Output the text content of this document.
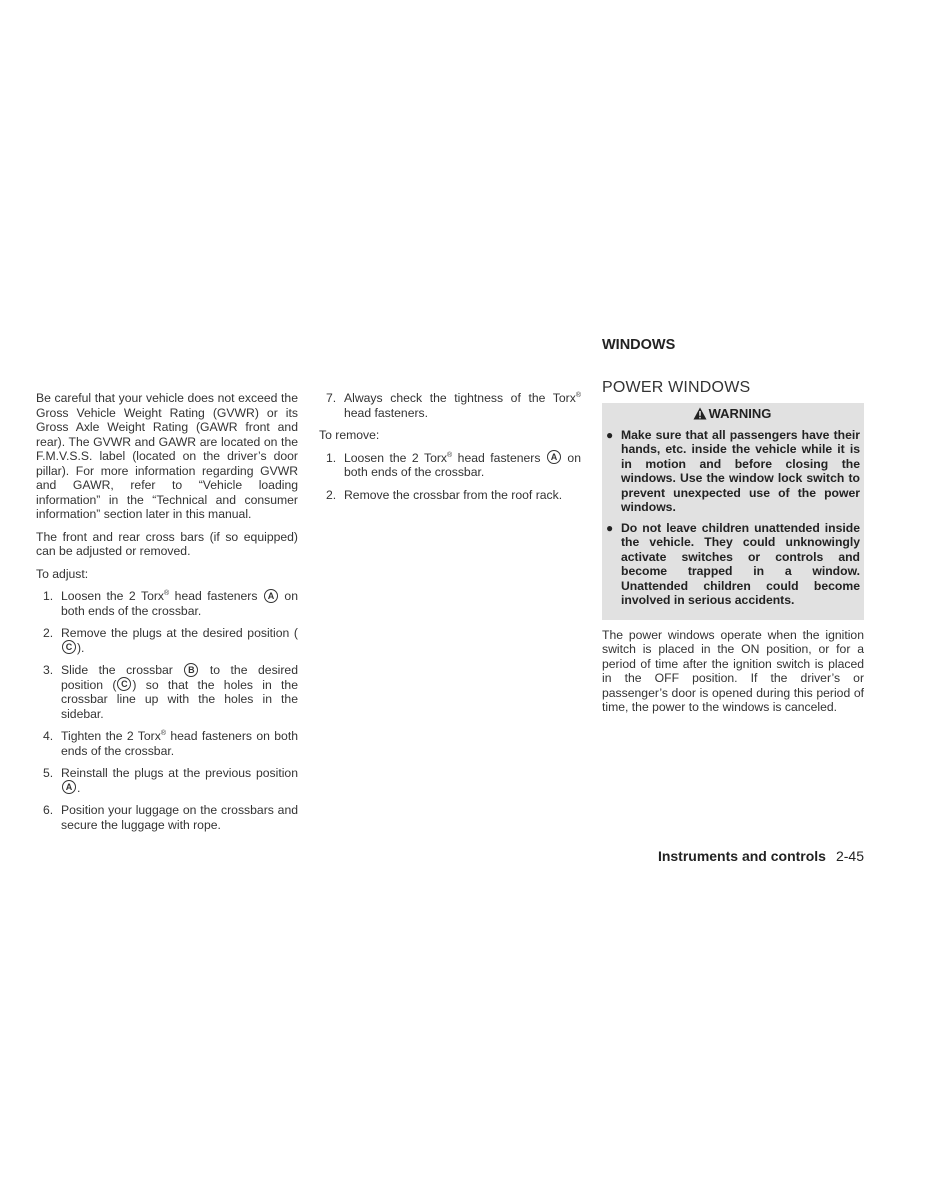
Be careful that your vehicle does not exceed the Gross Vehicle Weight Rating (GVWR) or its Gross Axle Weight Rating (GAWR front and rear). The GVWR and GAWR are located on the F.M.V.S.S. label (located on the driver’s door pillar). For more information regarding GVWR and GAWR, refer to “Vehicle loading information” in the “Technical and consumer information” section later in this manual.

The front and rear cross bars (if so equipped) can be adjusted or removed.

To adjust:

1. Loosen the 2 Torx® head fasteners A on both ends of the crossbar.
2. Remove the plugs at the desired position (C ).
3. Slide the crossbar B to the desired position ( C ) so that the holes in the crossbar line up with the holes in the sidebar.
4. Tighten the 2 Torx® head fasteners on both ends of the crossbar.
5. Reinstall the plugs at the previous position A .
6. Position your luggage on the crossbars and secure the luggage with rope.
7. Always check the tightness of the Torx® head fasteners.

To remove:

1. Loosen the 2 Torx® head fasteners A on both ends of the crossbar.
2. Remove the crossbar from the roof rack.
WINDOWS
POWER WINDOWS
WARNING
● Make sure that all passengers have their hands, etc. inside the vehicle while it is in motion and before closing the windows. Use the window lock switch to prevent unexpected use of the power windows.
● Do not leave children unattended inside the vehicle. They could unknowingly activate switches or controls and become trapped in a window. Unattended children could become involved in serious accidents.

The power windows operate when the ignition switch is placed in the ON position, or for a period of time after the ignition switch is placed in the OFF position. If the driver’s or passenger’s door is opened during this period of time, the power to the windows is canceled.

Instruments and controls 2-45
